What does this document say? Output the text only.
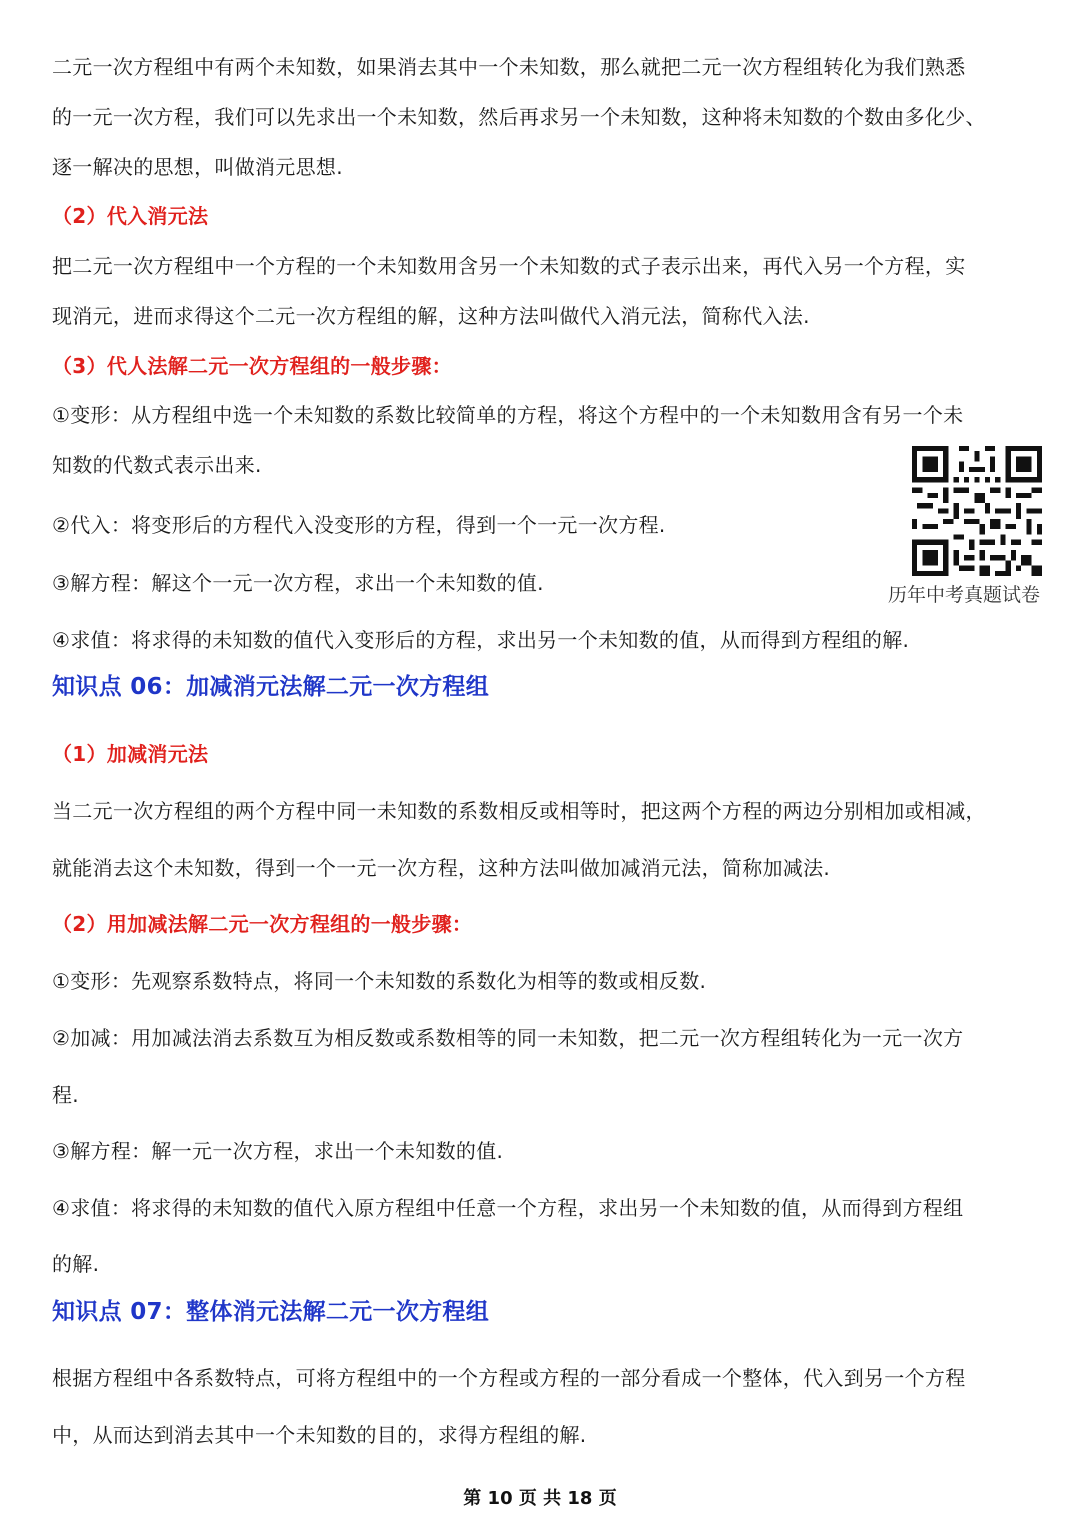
二元一次方程组中有两个未知数，如果消去其中一个未知数，那么就把二元一次方程组转化为我们熟悉
的一元一次方程，我们可以先求出一个未知数，然后再求另一个未知数，这种将未知数的个数由多化少、
逐一解决的思想，叫做消元思想.
（2）代入消元法
把二元一次方程组中一个方程的一个未知数用含另一个未知数的式子表示出来，再代入另一个方程，实
现消元，进而求得这个二元一次方程组的解，这种方法叫做代入消元法，简称代入法.
（3）代人法解二元一次方程组的一般步骤：
①变形：从方程组中选一个未知数的系数比较简单的方程，将这个方程中的一个未知数用含有另一个未
知数的代数式表示出来.
②代入：将变形后的方程代入没变形的方程，得到一个一元一次方程.
③解方程：解这个一元一次方程，求出一个未知数的值.
④求值：将求得的未知数的值代入变形后的方程，求出另一个未知数的值，从而得到方程组的解.
历年中考真题试卷
知识点 06：加减消元法解二元一次方程组
（1）加减消元法
当二元一次方程组的两个方程中同一未知数的系数相反或相等时，把这两个方程的两边分别相加或相减，
就能消去这个未知数，得到一个一元一次方程，这种方法叫做加减消元法，简称加减法.
（2）用加减法解二元一次方程组的一般步骤：
①变形：先观察系数特点，将同一个未知数的系数化为相等的数或相反数.
②加减：用加减法消去系数互为相反数或系数相等的同一未知数，把二元一次方程组转化为一元一次方
程.
③解方程：解一元一次方程，求出一个未知数的值.
④求值：将求得的未知数的值代入原方程组中任意一个方程，求出另一个未知数的值，从而得到方程组
的解.
知识点 07：整体消元法解二元一次方程组
根据方程组中各系数特点，可将方程组中的一个方程或方程的一部分看成一个整体，代入到另一个方程
中，从而达到消去其中一个未知数的目的，求得方程组的解.
第 10 页 共 18 页
